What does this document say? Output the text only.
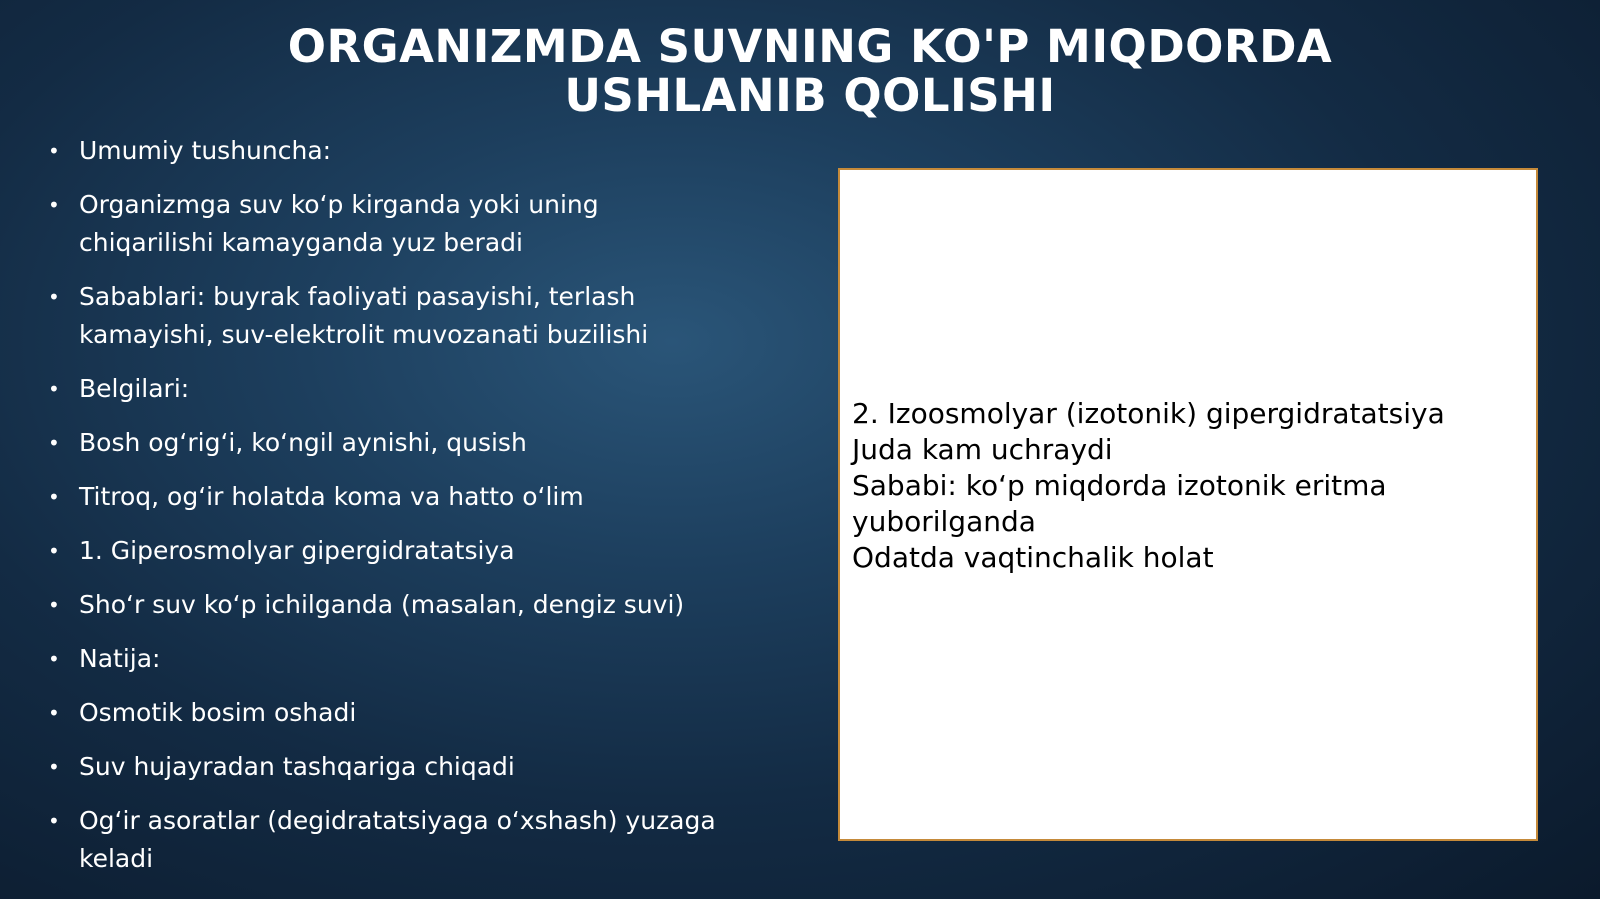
ORGANIZMDA SUVNING KO'P MIQDORDA
USHLANIB QOLISHI
• Umumiy tushuncha:
• Organizmga suv ko‘p kirganda yoki uning chiqarilishi kamayganda yuz beradi
• Sabablari: buyrak faoliyati pasayishi, terlash kamayishi, suv-elektrolit muvozanati buzilishi
• Belgilari:
• Bosh og‘rig‘i, ko‘ngil aynishi, qusish
• Titroq, og‘ir holatda koma va hatto o‘lim
• 1. Giperosmolyar gipergidratatsiya
• Sho‘r suv ko‘p ichilganda (masalan, dengiz suvi)
• Natija:
• Osmotik bosim oshadi
• Suv hujayradan tashqariga chiqadi
• Og‘ir asoratlar (degidratatsiyaga o‘xshash) yuzaga keladi
2. Izoosmolyar (izotonik) gipergidratatsiya
Juda kam uchraydi
Sababi: ko‘p miqdorda izotonik eritma yuborilganda
Odatda vaqtinchalik holat
